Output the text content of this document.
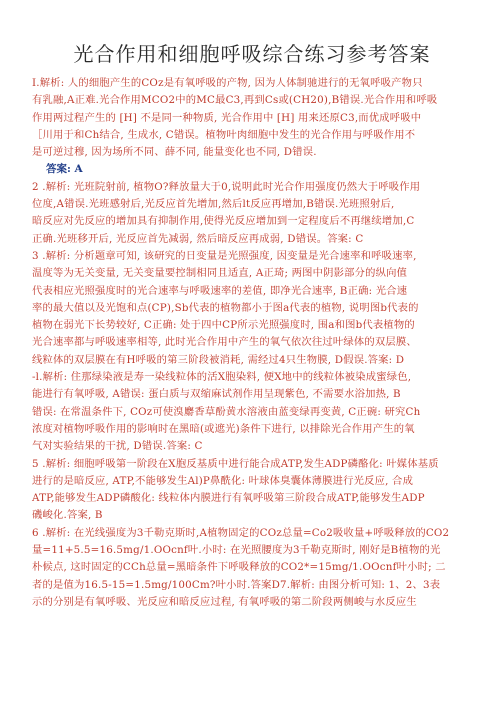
光合作用和细胞呼吸综合练习参考答案

I.解析: 人的细胞产生的COz是有氧呼吸的产物, 因为人体制驰进行的无氧呼吸产物只

有乳融,A正难.光合作用MCO2中的MC最C3,再到Cs或(CH20),B错误.光合作用和呼吸

作用两过程产生的 [H] 不是同一种物质, 光合作用中 [H] 用来还原C3,而优成呼吸中

［川用于和Ch结合, 生成水, C错误。植物叶肉细胞中发生的光合作用与呼吸作用不

是可逆过穆, 因为场所不同、薛不同, 能量变化也不同, D错误.

答案: A

2 .解析: 光班院射前, 植物O?释放量大于0,说明此时光合作用强度仍然大于呼吸作用

位度,A错误.光班感射后,光反应首先增加,然后lt反应再增加,B错误.光班照射后,

暗反应对先反应的增加具有抑制作用,使得光反应增加到一定程度后不再继续增加,C

正确.光班移开后, 光反应首先减弱, 然后暗反应再成弱, D错误。答案: C

3 .解析: 分析题章可知, 该研究的日变量是光照强度, 因变量是光合速率和呼吸速率,

温度等为无关变量, 无关变量要控制相同且适直, A正琦; 两图中阴影部分的纵向值

代表相应光照强度时的光合速率与呼吸速率的差值, 即净光合速率, B正确: 光合速

率的最大值以及光饱和点(CP),Sb代表的植物都小于图a代表的植物, 说明图b代表的

植物在弱光下长势较好, C正确: 处于四中CP所示光照强度时, 围a和图b代表植物的

光合速率都与呼吸速率相等, 此时光合作用中产生的氧气依次往过叶绿体的双层膜、

线粒体的双层膜在有H呼吸的第三阶段被消耗, 需经过4只生物膜, D假误.答案: D

-l.解析: 住那绿染液是寿一染线粒体的活X胞染料, 便X地中的线粒体被染成蜜绿色,

能进行有氧呼吸, A错误: 蛋白质与双缩麻试剂作用呈现紫色, 不需要水浴加热, B

错误: 在常温条件下, COz可使溴麝香草酚黄水溶液由蓝变绿再变黄, C正碗: 研究Ch

浓度对植物呼吸作用的影响时在黑暗(或遮光)条件下进行, 以排除光合作用产生的氧

气对实验结果的干扰, D错误.答案: C

5 .解析: 细胞呼吸第一阶段在X胞反基质中进行能合成ATP,发生ADP磷酪化: 叶媒体基质

进行的是暗反应, ATP,不能够发生Al)P鼻酰化: 叶球体臭囊体薄膜进行光反应, 合成

ATP,能够发生ADP磷酸化: 线粒体内膜进行有氧呼吸第三阶段合成ATP,能够发生ADP

磯峻化.答案, B

6 .解析: 在光线强度为3千勒克斯时,A植物固定的COz总量=Co2吸收量+呼吸释放的CO2

量=11+5.5=16.5mg/1.OOcnf叶.小时: 在光照腰度为3千勒克斯时, 刚好是B植物的光

朴候点, 这时固定的CCh总量=黑暗条件下呼吸释放的CO2*=15mg/1.OOcnf叶小时; 二

者的是值为16.5-15=1.5mg/100Cm?叶小时.答案D7.解析: 由图分析可知: 1、2、3表

示的分别是有氧呼吸、光反应和暗反应过程, 有氧呼吸的第二阶段两侧峻与水反应生
